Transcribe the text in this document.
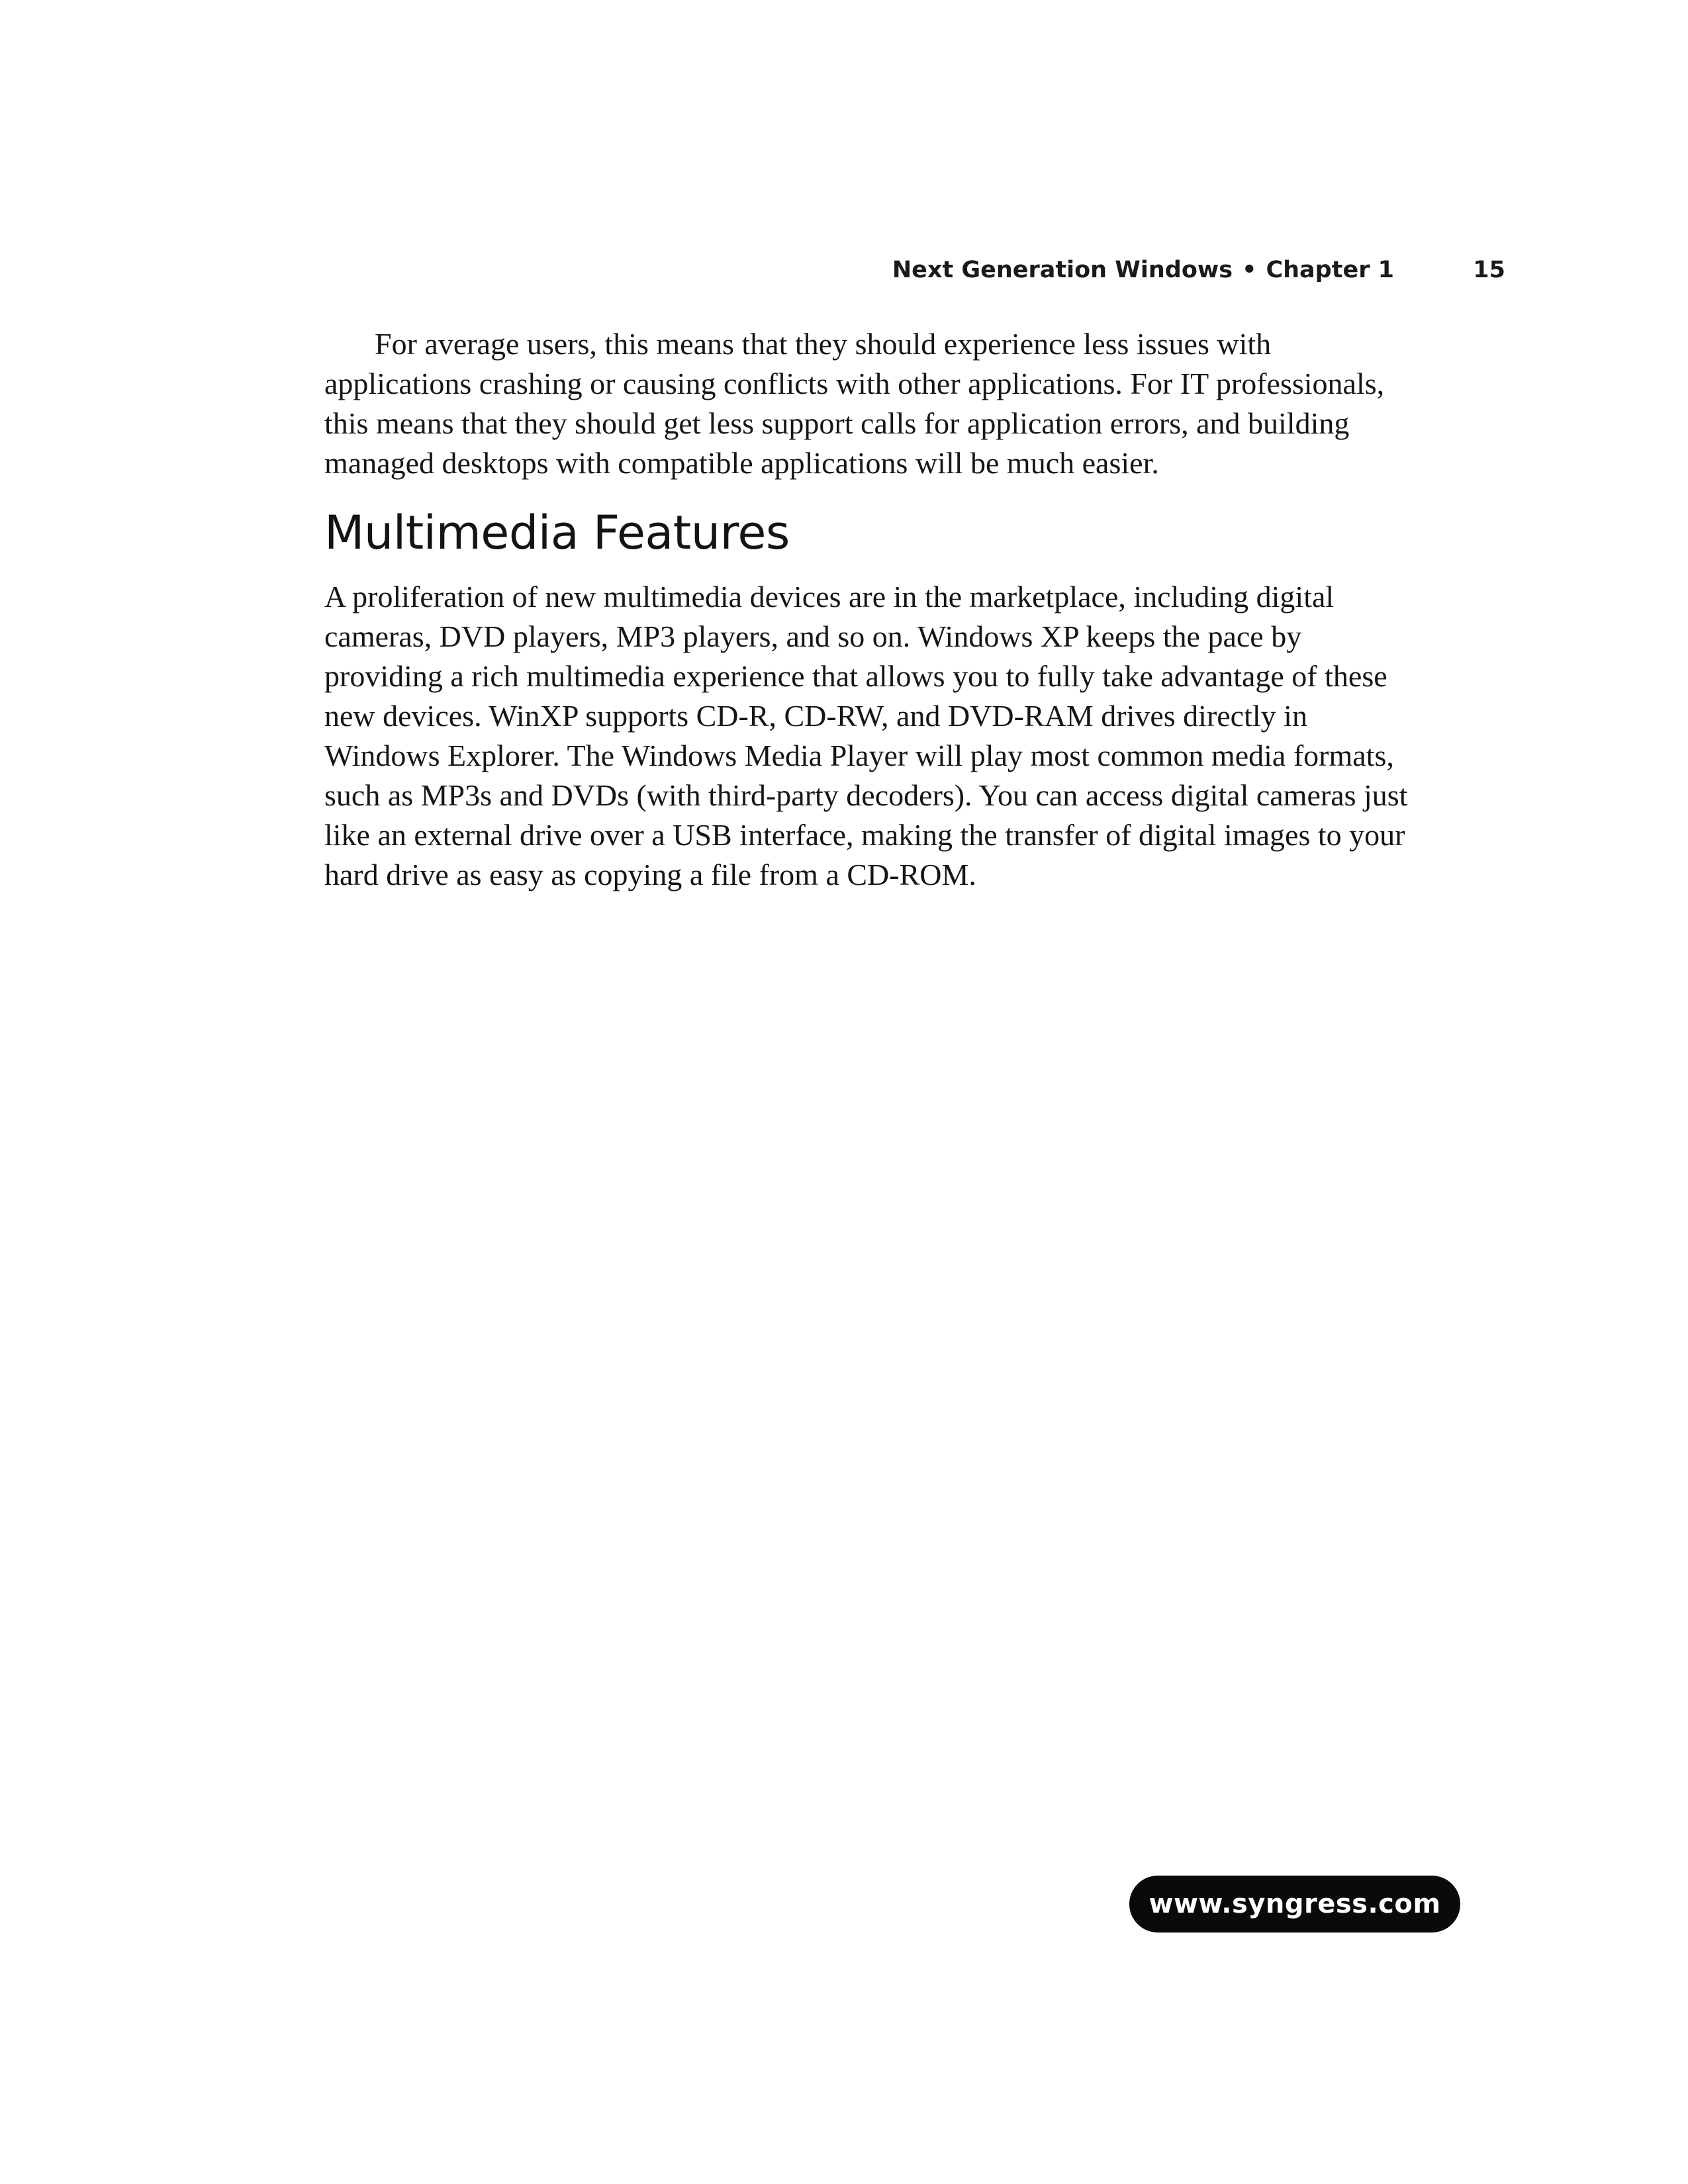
Next Generation Windows • Chapter 1	15

For average users, this means that they should experience less issues with applications crashing or causing conflicts with other applications. For IT professionals, this means that they should get less support calls for application errors, and building managed desktops with compatible applications will be much easier.

Multimedia Features

A proliferation of new multimedia devices are in the marketplace, including digital cameras, DVD players, MP3 players, and so on. Windows XP keeps the pace by providing a rich multimedia experience that allows you to fully take advantage of these new devices. WinXP supports CD-R, CD-RW, and DVD-RAM drives directly in Windows Explorer. The Windows Media Player will play most common media formats, such as MP3s and DVDs (with third-party decoders). You can access digital cameras just like an external drive over a USB interface, making the transfer of digital images to your hard drive as easy as copying a file from a CD-ROM.

www.syngress.com
